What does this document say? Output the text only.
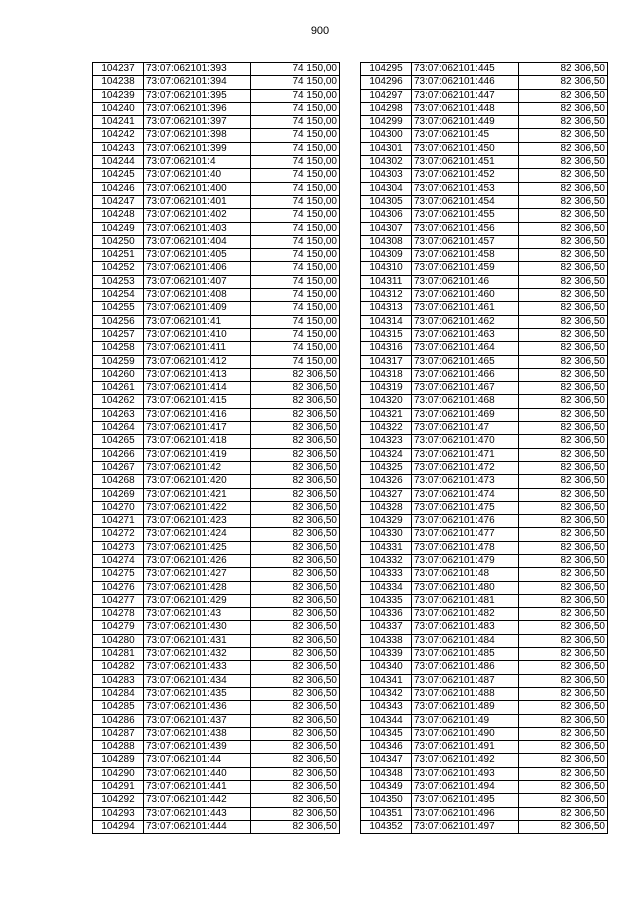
900
104237	73:07:062101:393	74 150,00
104238	73:07:062101:394	74 150,00
104239	73:07:062101:395	74 150,00
104240	73:07:062101:396	74 150,00
104241	73:07:062101:397	74 150,00
104242	73:07:062101:398	74 150,00
104243	73:07:062101:399	74 150,00
104244	73:07:062101:4	74 150,00
104245	73:07:062101:40	74 150,00
104246	73:07:062101:400	74 150,00
104247	73:07:062101:401	74 150,00
104248	73:07:062101:402	74 150,00
104249	73:07:062101:403	74 150,00
104250	73:07:062101:404	74 150,00
104251	73:07:062101:405	74 150,00
104252	73:07:062101:406	74 150,00
104253	73:07:062101:407	74 150,00
104254	73:07:062101:408	74 150,00
104255	73:07:062101:409	74 150,00
104256	73:07:062101:41	74 150,00
104257	73:07:062101:410	74 150,00
104258	73:07:062101:411	74 150,00
104259	73:07:062101:412	74 150,00
104260	73:07:062101:413	82 306,50
104261	73:07:062101:414	82 306,50
104262	73:07:062101:415	82 306,50
104263	73:07:062101:416	82 306,50
104264	73:07:062101:417	82 306,50
104265	73:07:062101:418	82 306,50
104266	73:07:062101:419	82 306,50
104267	73:07:062101:42	82 306,50
104268	73:07:062101:420	82 306,50
104269	73:07:062101:421	82 306,50
104270	73:07:062101:422	82 306,50
104271	73:07:062101:423	82 306,50
104272	73:07:062101:424	82 306,50
104273	73:07:062101:425	82 306,50
104274	73:07:062101:426	82 306,50
104275	73:07:062101:427	82 306,50
104276	73:07:062101:428	82 306,50
104277	73:07:062101:429	82 306,50
104278	73:07:062101:43	82 306,50
104279	73:07:062101:430	82 306,50
104280	73:07:062101:431	82 306,50
104281	73:07:062101:432	82 306,50
104282	73:07:062101:433	82 306,50
104283	73:07:062101:434	82 306,50
104284	73:07:062101:435	82 306,50
104285	73:07:062101:436	82 306,50
104286	73:07:062101:437	82 306,50
104287	73:07:062101:438	82 306,50
104288	73:07:062101:439	82 306,50
104289	73:07:062101:44	82 306,50
104290	73:07:062101:440	82 306,50
104291	73:07:062101:441	82 306,50
104292	73:07:062101:442	82 306,50
104293	73:07:062101:443	82 306,50
104294	73:07:062101:444	82 306,50
104295	73:07:062101:445	82 306,50
104296	73:07:062101:446	82 306,50
104297	73:07:062101:447	82 306,50
104298	73:07:062101:448	82 306,50
104299	73:07:062101:449	82 306,50
104300	73:07:062101:45	82 306,50
104301	73:07:062101:450	82 306,50
104302	73:07:062101:451	82 306,50
104303	73:07:062101:452	82 306,50
104304	73:07:062101:453	82 306,50
104305	73:07:062101:454	82 306,50
104306	73:07:062101:455	82 306,50
104307	73:07:062101:456	82 306,50
104308	73:07:062101:457	82 306,50
104309	73:07:062101:458	82 306,50
104310	73:07:062101:459	82 306,50
104311	73:07:062101:46	82 306,50
104312	73:07:062101:460	82 306,50
104313	73:07:062101:461	82 306,50
104314	73:07:062101:462	82 306,50
104315	73:07:062101:463	82 306,50
104316	73:07:062101:464	82 306,50
104317	73:07:062101:465	82 306,50
104318	73:07:062101:466	82 306,50
104319	73:07:062101:467	82 306,50
104320	73:07:062101:468	82 306,50
104321	73:07:062101:469	82 306,50
104322	73:07:062101:47	82 306,50
104323	73:07:062101:470	82 306,50
104324	73:07:062101:471	82 306,50
104325	73:07:062101:472	82 306,50
104326	73:07:062101:473	82 306,50
104327	73:07:062101:474	82 306,50
104328	73:07:062101:475	82 306,50
104329	73:07:062101:476	82 306,50
104330	73:07:062101:477	82 306,50
104331	73:07:062101:478	82 306,50
104332	73:07:062101:479	82 306,50
104333	73:07:062101:48	82 306,50
104334	73:07:062101:480	82 306,50
104335	73:07:062101:481	82 306,50
104336	73:07:062101:482	82 306,50
104337	73:07:062101:483	82 306,50
104338	73:07:062101:484	82 306,50
104339	73:07:062101:485	82 306,50
104340	73:07:062101:486	82 306,50
104341	73:07:062101:487	82 306,50
104342	73:07:062101:488	82 306,50
104343	73:07:062101:489	82 306,50
104344	73:07:062101:49	82 306,50
104345	73:07:062101:490	82 306,50
104346	73:07:062101:491	82 306,50
104347	73:07:062101:492	82 306,50
104348	73:07:062101:493	82 306,50
104349	73:07:062101:494	82 306,50
104350	73:07:062101:495	82 306,50
104351	73:07:062101:496	82 306,50
104352	73:07:062101:497	82 306,50
